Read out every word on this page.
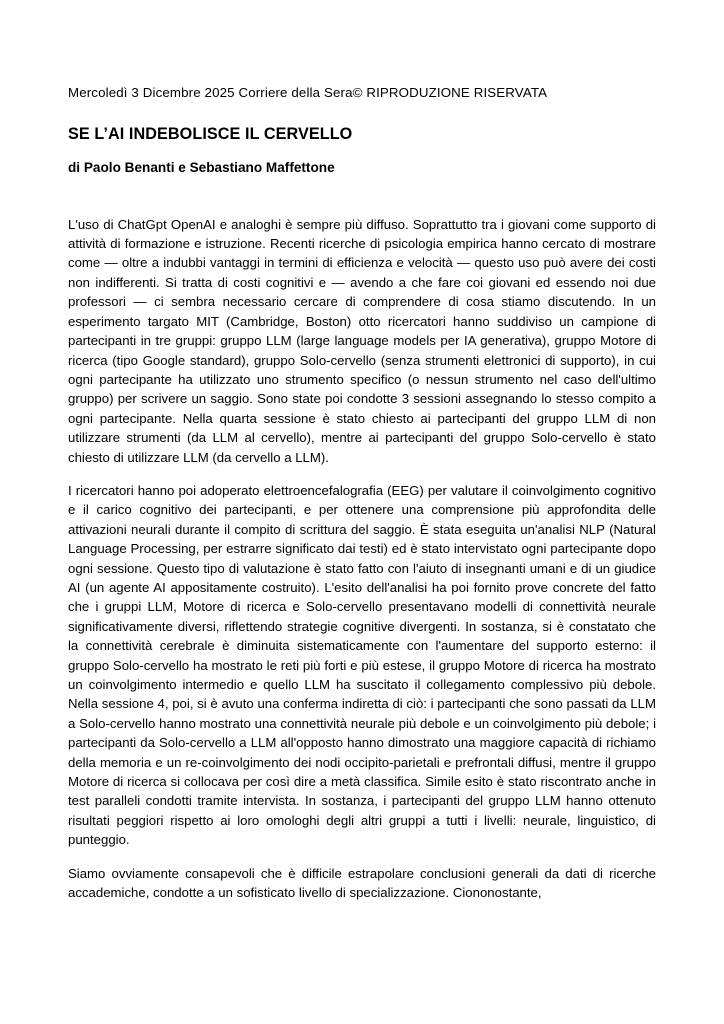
Mercoledì 3 Dicembre 2025 Corriere della Sera© RIPRODUZIONE RISERVATA
SE L’AI INDEBOLISCE IL CERVELLO
di Paolo Benanti e Sebastiano Maffettone

L'uso di ChatGpt OpenAI e analoghi è sempre più diffuso. Soprattutto tra i giovani come supporto di attività di formazione e istruzione. Recenti ricerche di psicologia empirica hanno cercato di mostrare come — oltre a indubbi vantaggi in termini di efficienza e velocità — questo uso può avere dei costi non indifferenti. Si tratta di costi cognitivi e — avendo a che fare coi giovani ed essendo noi due professori — ci sembra necessario cercare di comprendere di cosa stiamo discutendo. In un esperimento targato MIT (Cambridge, Boston) otto ricercatori hanno suddiviso un campione di partecipanti in tre gruppi: gruppo LLM (large language models per IA generativa), gruppo Motore di ricerca (tipo Google standard), gruppo Solo-cervello (senza strumenti elettronici di supporto), in cui ogni partecipante ha utilizzato uno strumento specifico (o nessun strumento nel caso dell'ultimo gruppo) per scrivere un saggio. Sono state poi condotte 3 sessioni assegnando lo stesso compito a ogni partecipante. Nella quarta sessione è stato chiesto ai partecipanti del gruppo LLM di non utilizzare strumenti (da LLM al cervello), mentre ai partecipanti del gruppo Solo-cervello è stato chiesto di utilizzare LLM (da cervello a LLM).

I ricercatori hanno poi adoperato elettroencefalografia (EEG) per valutare il coinvolgimento cognitivo e il carico cognitivo dei partecipanti, e per ottenere una comprensione più approfondita delle attivazioni neurali durante il compito di scrittura del saggio. È stata eseguita un'analisi NLP (Natural Language Processing, per estrarre significato dai testi) ed è stato intervistato ogni partecipante dopo ogni sessione. Questo tipo di valutazione è stato fatto con l'aiuto di insegnanti umani e di un giudice AI (un agente AI appositamente costruito). L'esito dell'analisi ha poi fornito prove concrete del fatto che i gruppi LLM, Motore di ricerca e Solo-cervello presentavano modelli di connettività neurale significativamente diversi, riflettendo strategie cognitive divergenti. In sostanza, si è constatato che la connettività cerebrale è diminuita sistematicamente con l'aumentare del supporto esterno: il gruppo Solo-cervello ha mostrato le reti più forti e più estese, il gruppo Motore di ricerca ha mostrato un coinvolgimento intermedio e quello LLM ha suscitato il collegamento complessivo più debole. Nella sessione 4, poi, si è avuto una conferma indiretta di ciò: i partecipanti che sono passati da LLM a Solo-cervello hanno mostrato una connettività neurale più debole e un coinvolgimento più debole; i partecipanti da Solo-cervello a LLM all'opposto hanno dimostrato una maggiore capacità di richiamo della memoria e un re-coinvolgimento dei nodi occipito-parietali e prefrontali diffusi, mentre il gruppo Motore di ricerca si collocava per così dire a metà classifica. Simile esito è stato riscontrato anche in test paralleli condotti tramite intervista. In sostanza, i partecipanti del gruppo LLM hanno ottenuto risultati peggiori rispetto ai loro omologhi degli altri gruppi a tutti i livelli: neurale, linguistico, di punteggio.

Siamo ovviamente consapevoli che è difficile estrapolare conclusioni generali da dati di ricerche accademiche, condotte a un sofisticato livello di specializzazione. Ciononostante,
